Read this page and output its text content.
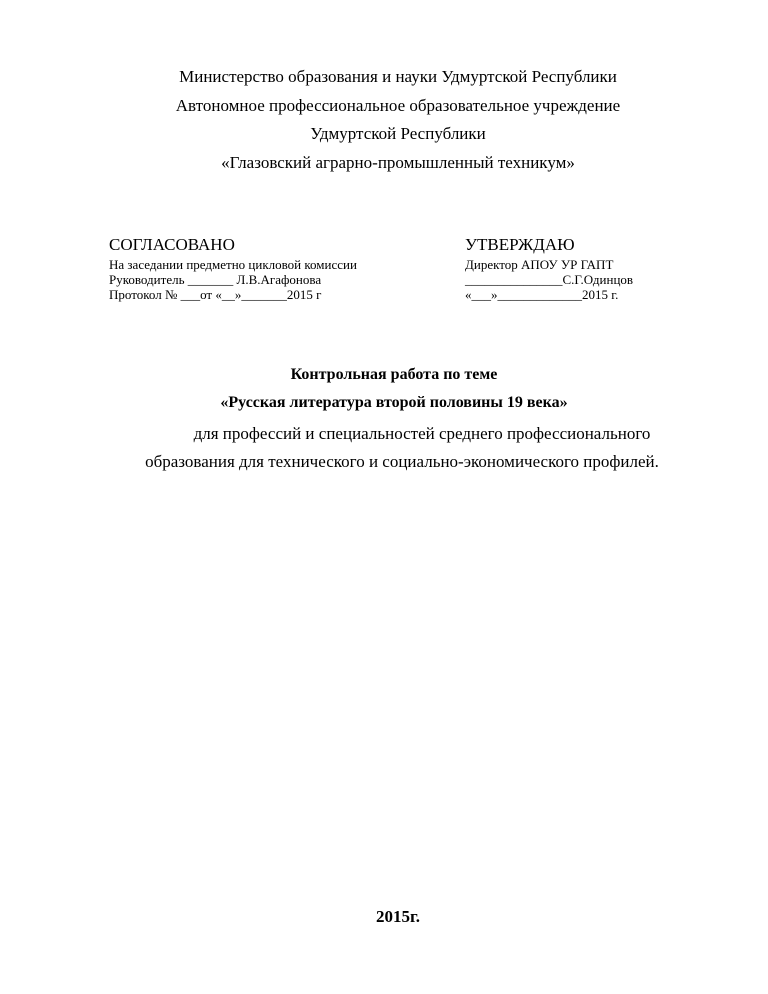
Министерство образования и науки Удмуртской Республики
Автономное профессиональное образовательное учреждение
Удмуртской Республики
«Глазовский аграрно-промышленный техникум»
СОГЛАСОВАНО
На заседании предметно цикловой комиссии
Руководитель _______ Л.В.Агафонова
Протокол № ___от «__»_______2015 г
УТВЕРЖДАЮ
Директор АПОУ УР ГАПТ
_______________С.Г.Одинцов
«___»_____________2015 г.
Контрольная работа по теме
«Русская литература второй половины 19 века»
для профессий и специальностей среднего профессионального
образования для технического и социально-экономического профилей.
2015г.
